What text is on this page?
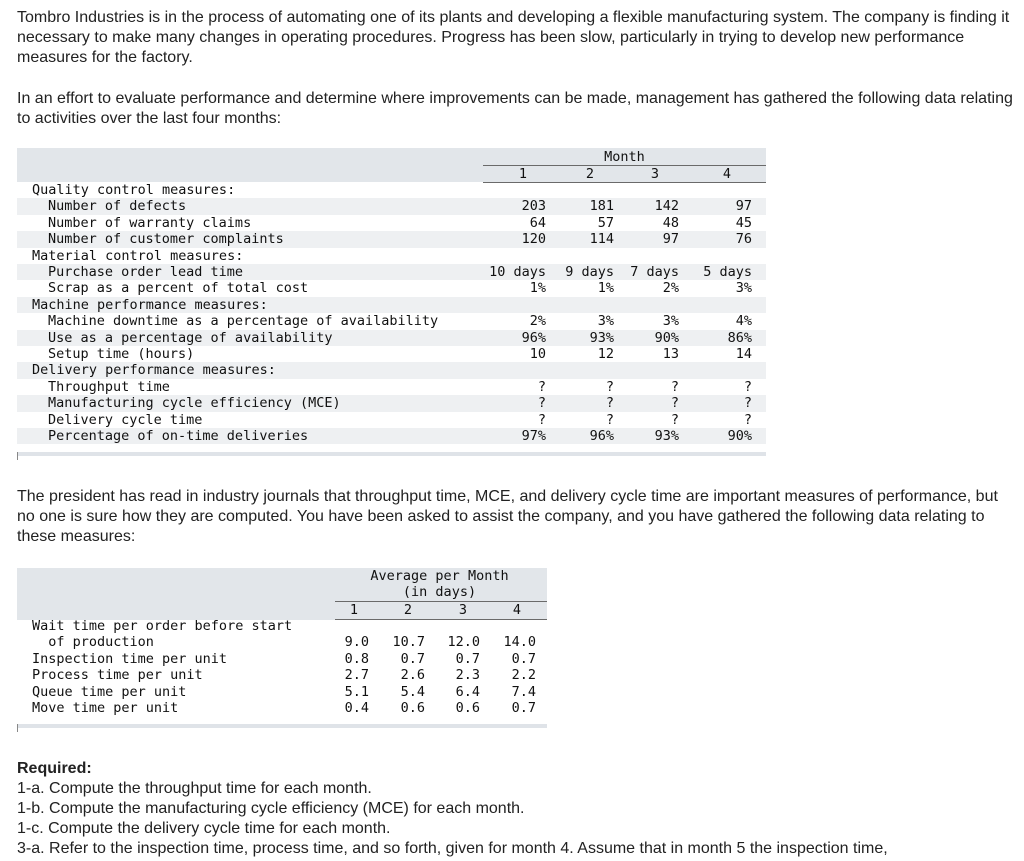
Tombro Industries is in the process of automating one of its plants and developing a flexible manufacturing system. The company is finding it necessary to make many changes in operating procedures. Progress has been slow, particularly in trying to develop new performance measures for the factory.

In an effort to evaluate performance and determine where improvements can be made, management has gathered the following data relating to activities over the last four months:

Month
1	2	3	4
Quality control measures:
Number of defects	203	181	142	97
Number of warranty claims	64	57	48	45
Number of customer complaints	120	114	97	76
Material control measures:
Purchase order lead time	10 days	9 days	7 days	5 days
Scrap as a percent of total cost	1%	1%	2%	3%
Machine performance measures:
Machine downtime as a percentage of availability	2%	3%	3%	4%
Use as a percentage of availability	96%	93%	90%	86%
Setup time (hours)	10	12	13	14
Delivery performance measures:
Throughput time	?	?	?	?
Manufacturing cycle efficiency (MCE)	?	?	?	?
Delivery cycle time	?	?	?	?
Percentage of on-time deliveries	97%	96%	93%	90%

The president has read in industry journals that throughput time, MCE, and delivery cycle time are important measures of performance, but no one is sure how they are computed. You have been asked to assist the company, and you have gathered the following data relating to these measures:

Average per Month
(in days)
1	2	3	4
Wait time per order before start
of production	9.0	10.7	12.0	14.0
Inspection time per unit	0.8	0.7	0.7	0.7
Process time per unit	2.7	2.6	2.3	2.2
Queue time per unit	5.1	5.4	6.4	7.4
Move time per unit	0.4	0.6	0.6	0.7
Required:
1-a. Compute the throughput time for each month.
1-b. Compute the manufacturing cycle efficiency (MCE) for each month.
1-c. Compute the delivery cycle time for each month.
3-a. Refer to the inspection time, process time, and so forth, given for month 4. Assume that in month 5 the inspection time,
